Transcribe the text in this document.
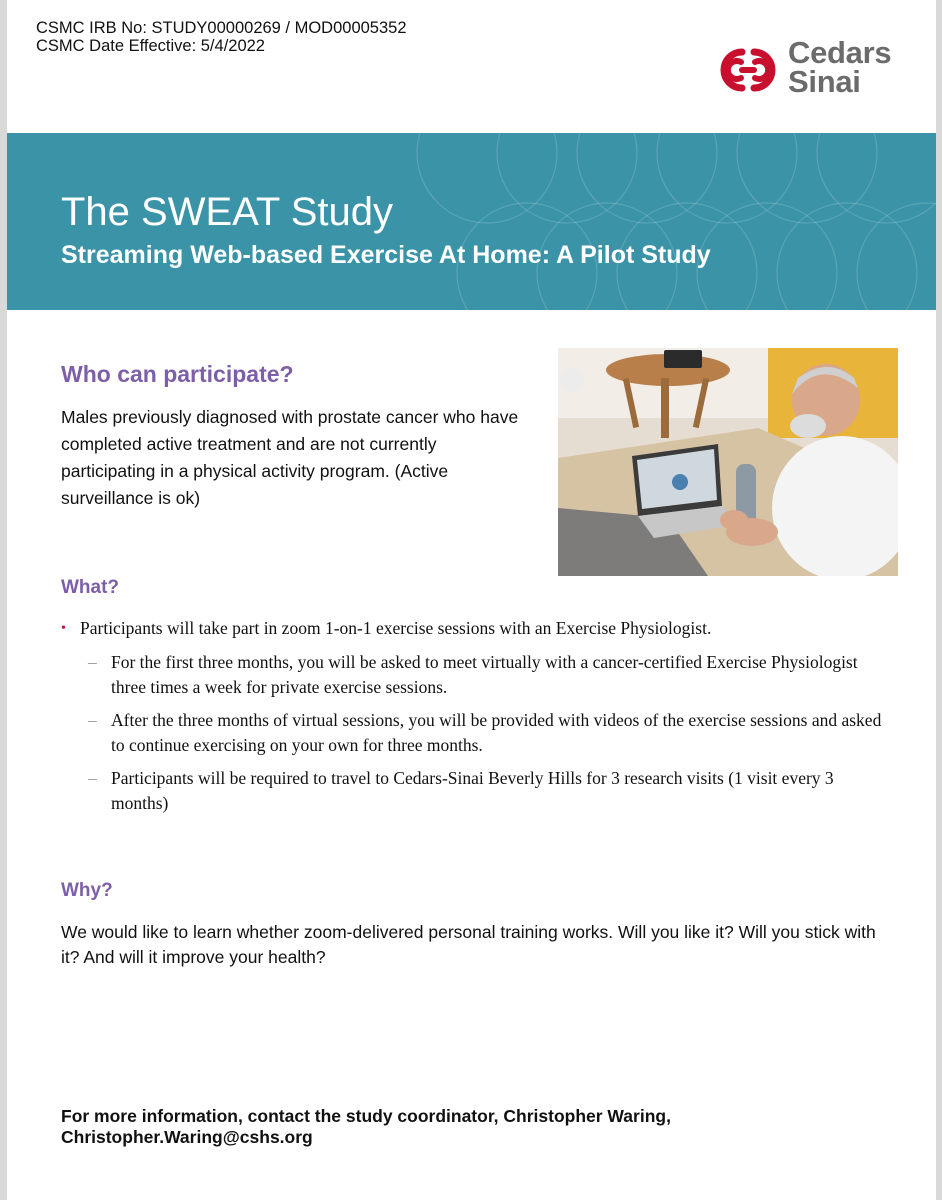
CSMC IRB No: STUDY00000269 / MOD00005352
CSMC Date Effective: 5/4/2022	Cedars
Sinai
The SWEAT Study
Streaming Web-based Exercise At Home: A Pilot Study
Who can participate?
Males previously diagnosed with prostate cancer who have completed active treatment and are not currently participating in a physical activity program. (Active surveillance is ok)
What?
• Participants will take part in zoom 1-on-1 exercise sessions with an Exercise Physiologist.
– For the first three months, you will be asked to meet virtually with a cancer-certified Exercise Physiologist three times a week for private exercise sessions.
– After the three months of virtual sessions, you will be provided with videos of the exercise sessions and asked to continue exercising on your own for three months.
– Participants will be required to travel to Cedars-Sinai Beverly Hills for 3 research visits (1 visit every 3 months)
Why?
We would like to learn whether zoom-delivered personal training works. Will you like it? Will you stick with it? And will it improve your health?
For more information, contact the study coordinator, Christopher Waring,
Christopher.Waring@cshs.org
